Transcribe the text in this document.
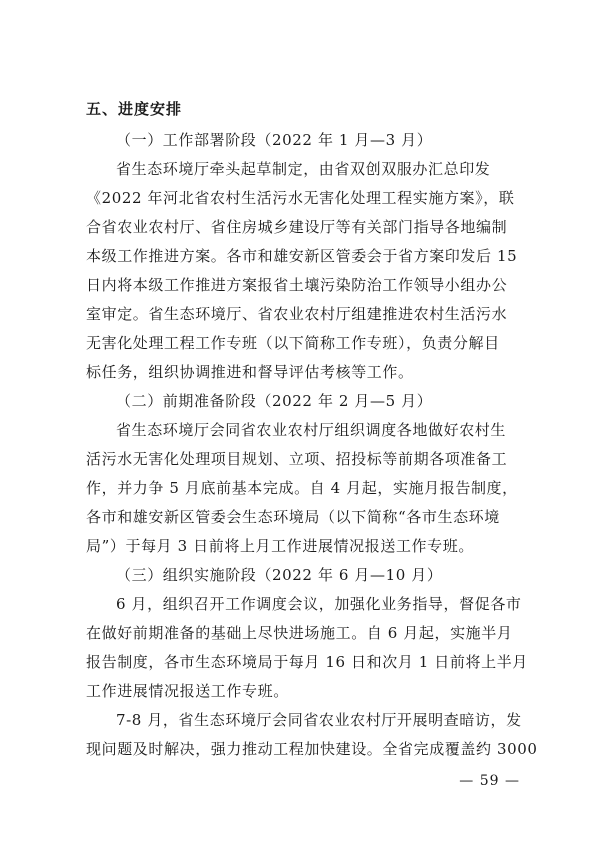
五、进度安排
（一）工作部署阶段（2022 年 1 月—3 月）
省生态环境厅牵头起草制定，由省双创双服办汇总印发
《2022 年河北省农村生活污水无害化处理工程实施方案》，联
合省农业农村厅、省住房城乡建设厅等有关部门指导各地编制
本级工作推进方案。各市和雄安新区管委会于省方案印发后 15
日内将本级工作推进方案报省土壤污染防治工作领导小组办公
室审定。省生态环境厅、省农业农村厅组建推进农村生活污水
无害化处理工程工作专班（以下简称工作专班），负责分解目
标任务，组织协调推进和督导评估考核等工作。
（二）前期准备阶段（2022 年 2 月—5 月）
省生态环境厅会同省农业农村厅组织调度各地做好农村生
活污水无害化处理项目规划、立项、招投标等前期各项准备工
作，并力争 5 月底前基本完成。自 4 月起，实施月报告制度，
各市和雄安新区管委会生态环境局（以下简称“各市生态环境
局”）于每月 3 日前将上月工作进展情况报送工作专班。
（三）组织实施阶段（2022 年 6 月—10 月）
6 月，组织召开工作调度会议，加强化业务指导，督促各市
在做好前期准备的基础上尽快进场施工。自 6 月起，实施半月
报告制度，各市生态环境局于每月 16 日和次月 1 日前将上半月
工作进展情况报送工作专班。
7-8 月，省生态环境厅会同省农业农村厅开展明查暗访，发
现问题及时解决，强力推动工程加快建设。全省完成覆盖约 3000
— 59 —
